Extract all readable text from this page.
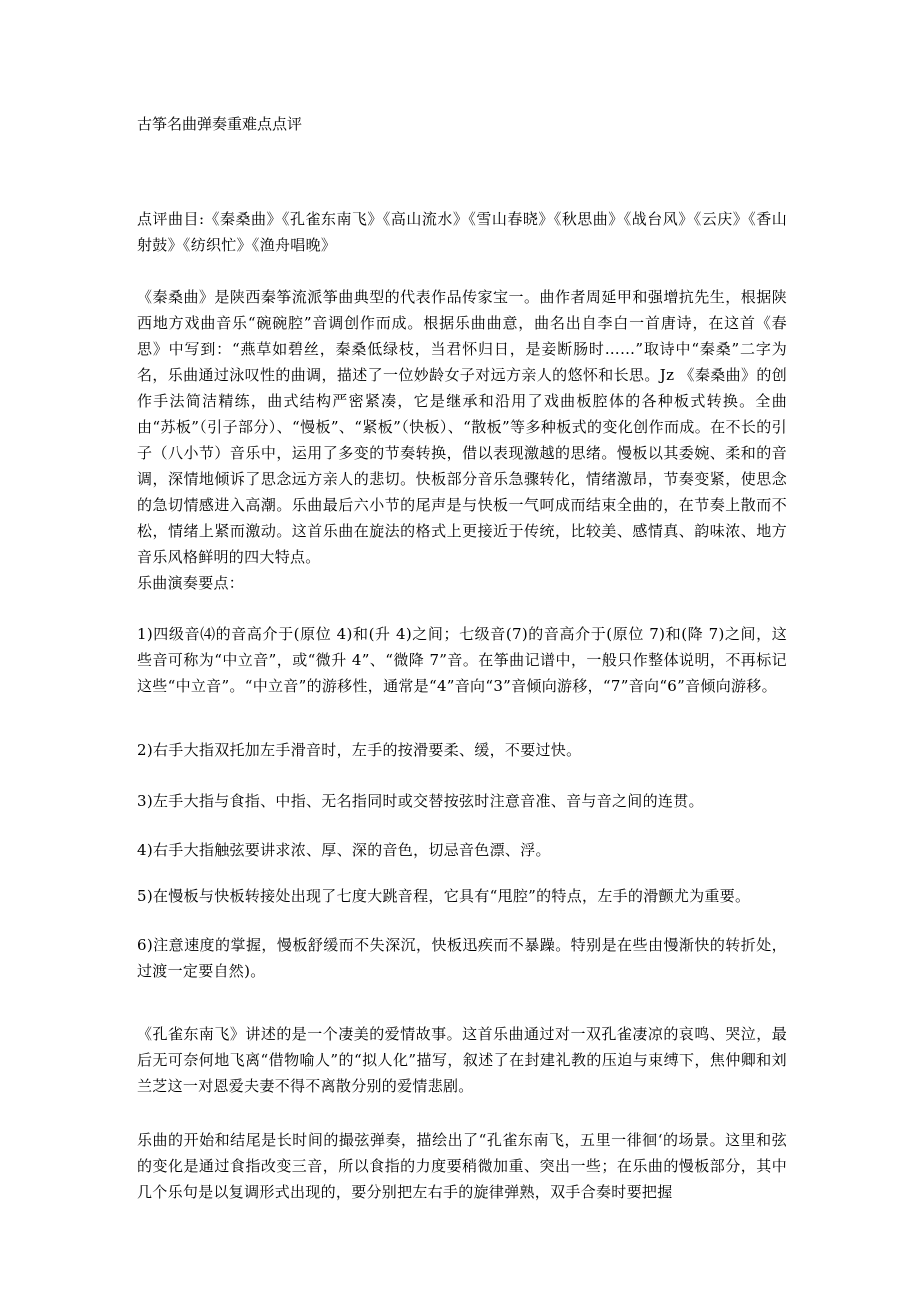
古筝名曲弹奏重难点点评

点评曲目:《秦桑曲》《孔雀东南飞》《高山流水》《雪山春晓》《秋思曲》《战台风》《云庆》《香山射鼓》《纺织忙》《渔舟唱晚》

《秦桑曲》是陕西秦筝流派筝曲典型的代表作品传家宝一。曲作者周延甲和强增抗先生，根据陕西地方戏曲音乐“碗碗腔”音调创作而成。根据乐曲曲意，曲名出自李白一首唐诗，在这首《春思》中写到：“燕草如碧丝，秦桑低绿枝，当君怀归日，是妾断肠时……”取诗中“秦桑”二字为名，乐曲通过泳叹性的曲调，描述了一位妙龄女子对远方亲人的悠怀和长思。Jz 《秦桑曲》的创作手法简洁精练，曲式结构严密紧凑，它是继承和沿用了戏曲板腔体的各种板式转换。全曲由“苏板”（引子部分）、“慢板”、“紧板”（快板）、“散板”等多种板式的变化创作而成。在不长的引子（八小节）音乐中，运用了多变的节奏转换，借以表现激越的思绪。慢板以其委婉、柔和的音调，深情地倾诉了思念远方亲人的悲切。快板部分音乐急骤转化，情绪激昂，节奏变紧，使思念的急切情感进入高潮。乐曲最后六小节的尾声是与快板一气呵成而结束全曲的，在节奏上散而不松，情绪上紧而激动。这首乐曲在旋法的格式上更接近于传统，比较美、感情真、韵味浓、地方音乐风格鲜明的四大特点。

乐曲演奏要点：

1)四级音⑷的音高介于(原位 4)和(升 4)之间；七级音(7)的音高介于(原位 7)和(降 7)之间，这些音可称为“中立音”，或“微升 4”、“微降 7”音。在筝曲记谱中，一般只作整体说明，不再标记这些“中立音”。“中立音”的游移性，通常是“4”音向“3”音倾向游移，“7”音向“6”音倾向游移。

2)右手大指双托加左手滑音时，左手的按滑要柔、缓，不要过快。

3)左手大指与食指、中指、无名指同时或交替按弦时注意音准、音与音之间的连贯。

4)右手大指触弦要讲求浓、厚、深的音色，切忌音色漂、浮。

5)在慢板与快板转接处出现了七度大跳音程，它具有“甩腔”的特点，左手的滑颤尤为重要。

6)注意速度的掌握，慢板舒缓而不失深沉，快板迅疾而不暴躁。特别是在些由慢渐快的转折处，过渡一定要自然)。

《孔雀东南飞》讲述的是一个凄美的爱情故事。这首乐曲通过对一双孔雀凄凉的哀鸣、哭泣，最后无可奈何地飞离“借物喻人”的“拟人化”描写，叙述了在封建礼教的压迫与束缚下，焦仲卿和刘兰芝这一对恩爱夫妻不得不离散分别的爱情悲剧。

乐曲的开始和结尾是长时间的撮弦弹奏，描绘出了“孔雀东南飞，五里一徘徊‘的场景。这里和弦的变化是通过食指改变三音，所以食指的力度要稍微加重、突出一些；在乐曲的慢板部分，其中几个乐句是以复调形式出现的，要分别把左右手的旋律弹熟，双手合奏时要把握
